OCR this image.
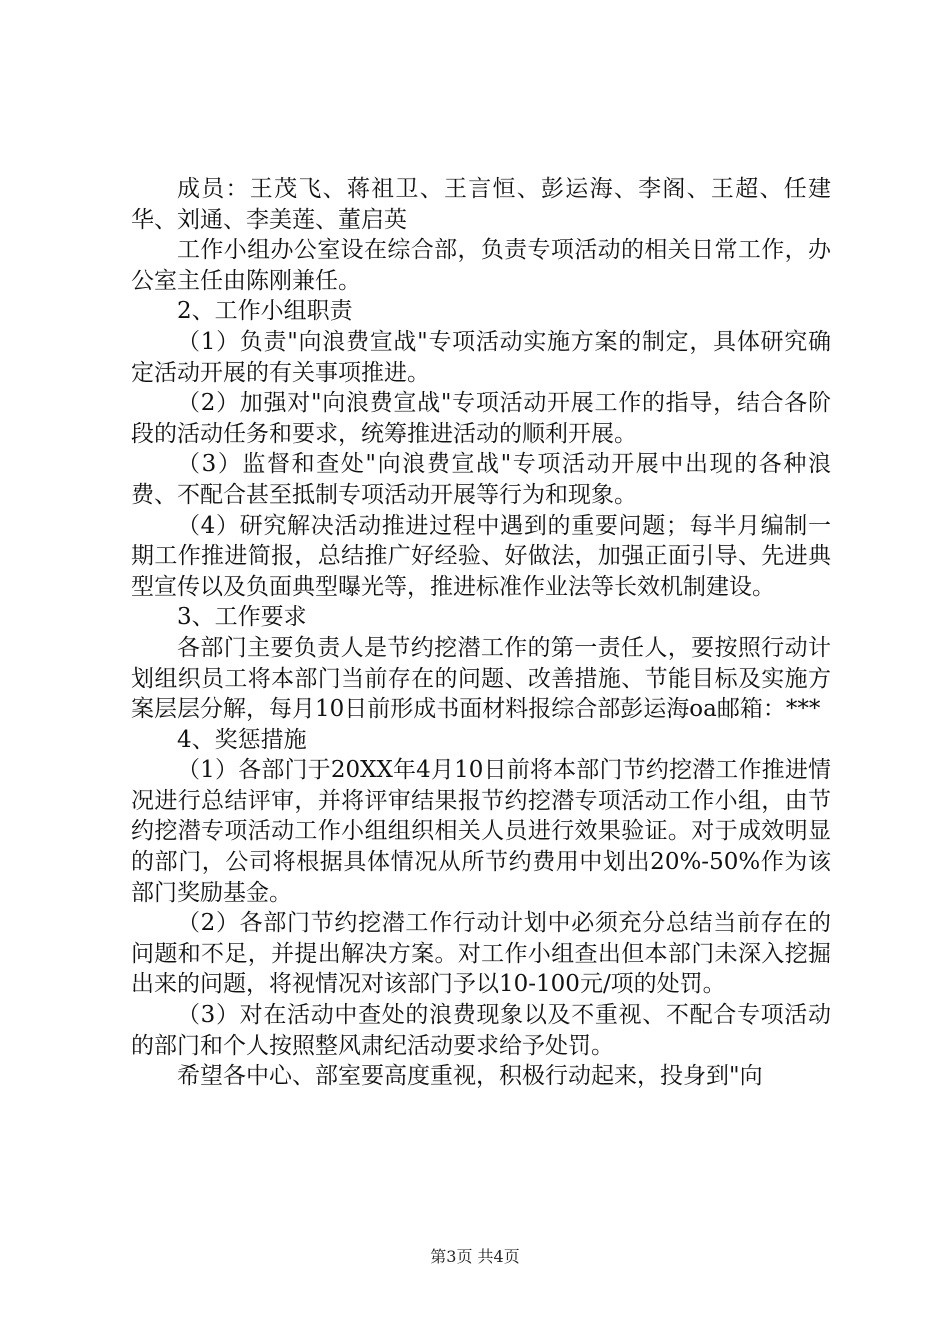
成员：王茂飞、蒋祖卫、王言恒、彭运海、李阁、王超、任建华、刘通、李美莲、董启英

工作小组办公室设在综合部，负责专项活动的相关日常工作，办公室主任由陈刚兼任。

2、工作小组职责

（1）负责"向浪费宣战"专项活动实施方案的制定，具体研究确定活动开展的有关事项推进。

（2）加强对"向浪费宣战"专项活动开展工作的指导，结合各阶段的活动任务和要求，统筹推进活动的顺利开展。

（3）监督和查处"向浪费宣战"专项活动开展中出现的各种浪费、不配合甚至抵制专项活动开展等行为和现象。

（4）研究解决活动推进过程中遇到的重要问题；每半月编制一期工作推进简报，总结推广好经验、好做法，加强正面引导、先进典型宣传以及负面典型曝光等，推进标准作业法等长效机制建设。

3、工作要求

各部门主要负责人是节约挖潜工作的第一责任人，要按照行动计划组织员工将本部门当前存在的问题、改善措施、节能目标及实施方案层层分解，每月10日前形成书面材料报综合部彭运海oa邮箱：***

4、奖惩措施

（1）各部门于20XX年4月10日前将本部门节约挖潜工作推进情况进行总结评审，并将评审结果报节约挖潜专项活动工作小组，由节约挖潜专项活动工作小组组织相关人员进行效果验证。对于成效明显的部门，公司将根据具体情况从所节约费用中划出20%-50%作为该部门奖励基金。

（2）各部门节约挖潜工作行动计划中必须充分总结当前存在的问题和不足，并提出解决方案。对工作小组查出但本部门未深入挖掘出来的问题，将视情况对该部门予以10-100元/项的处罚。

（3）对在活动中查处的浪费现象以及不重视、不配合专项活动的部门和个人按照整风肃纪活动要求给予处罚。

希望各中心、部室要高度重视，积极行动起来，投身到"向

第3页 共4页
